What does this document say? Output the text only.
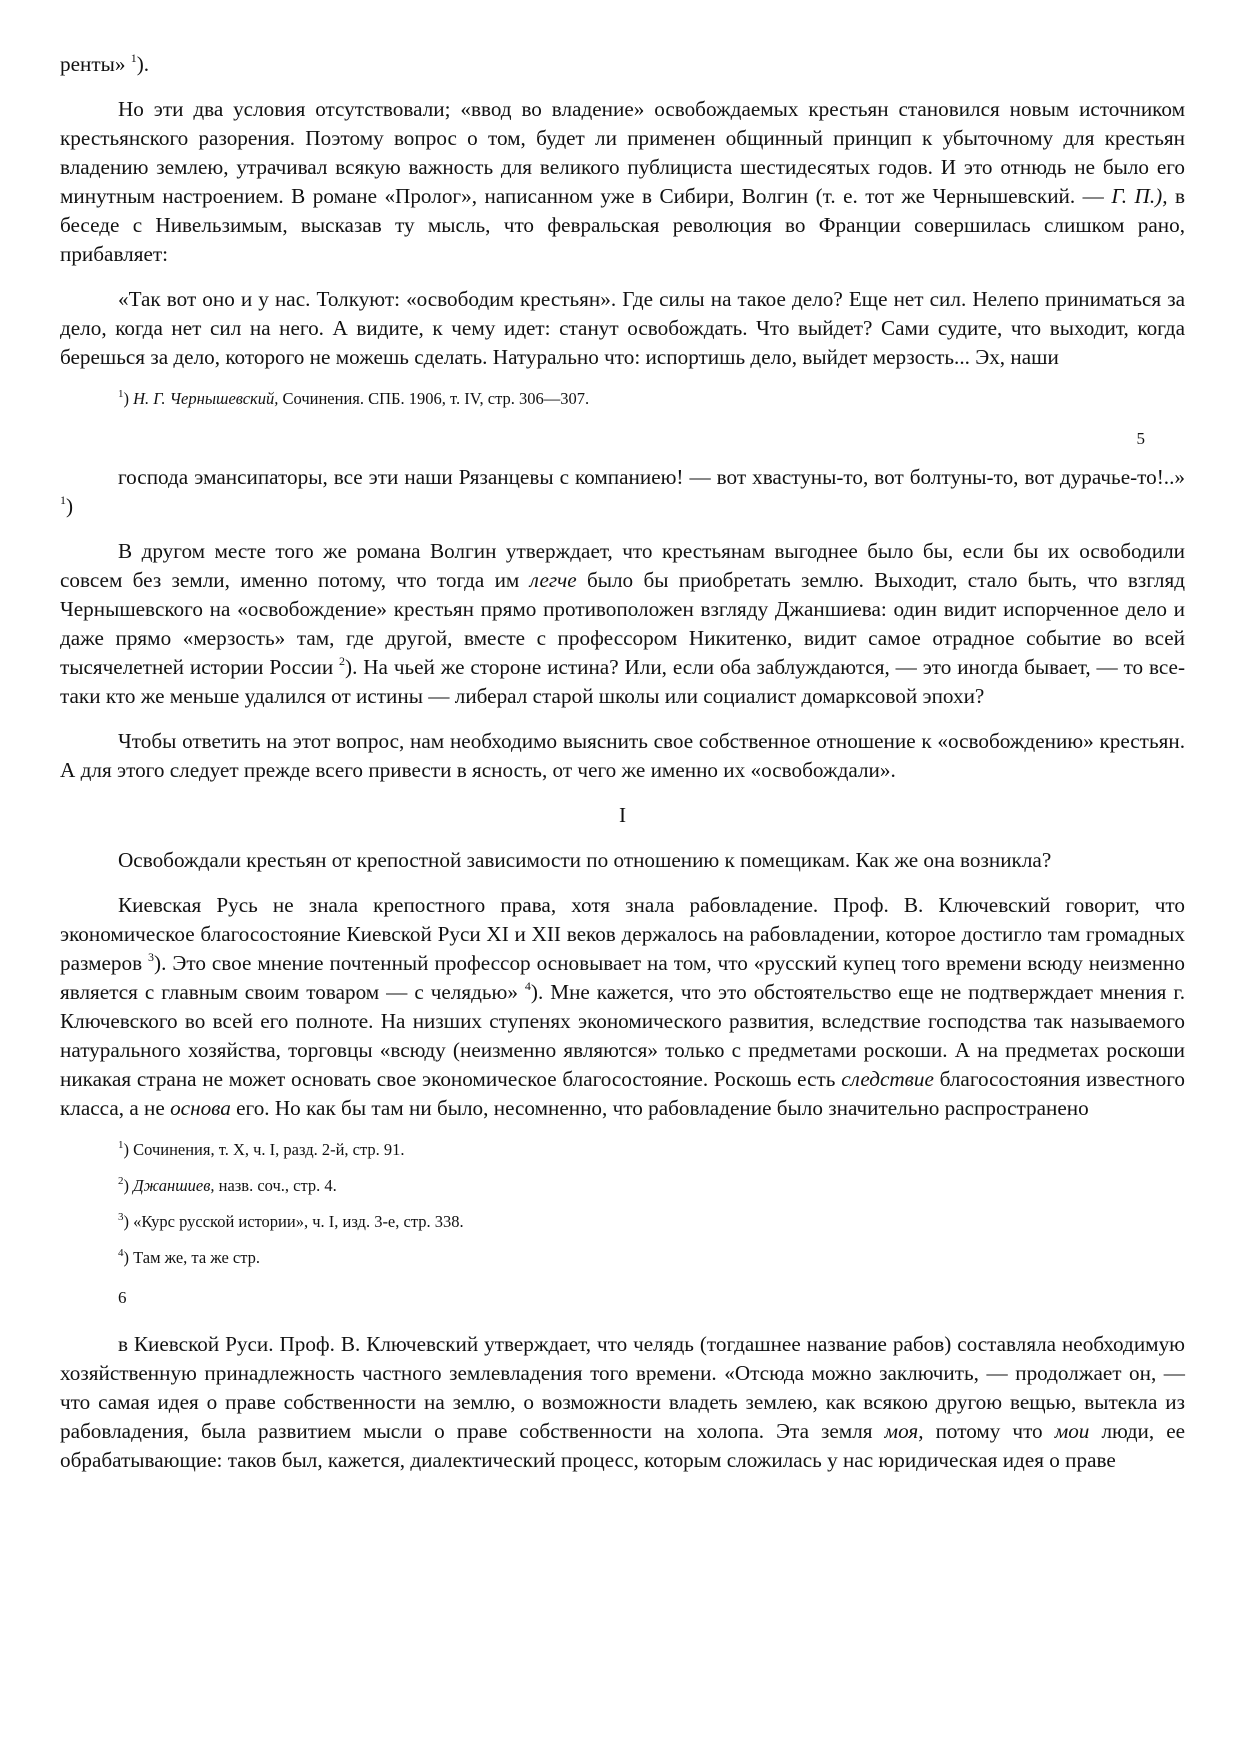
ренты» $^1$).

Но эти два условия отсутствовали; «ввод во владение» освобождаемых крестьян становился новым источником крестьянского разорения. Поэтому вопрос о том, будет ли применен общинный принцип к убыточному для крестьян владению землею, утрачивал всякую важность для великого публициста шестидесятых годов. И это отнюдь не было его минутным настроением. В романе «Пролог», написанном уже в Сибири, Волгин (т. е. тот же Чернышевский. — Г. П.), в беседе с Нивельзимым, высказав ту мысль, что февральская революция во Франции совершилась слишком рано, прибавляет:

«Так вот оно и у нас. Толкуют: «освободим крестьян». Где силы на такое дело? Еще нет сил. Нелепо приниматься за дело, когда нет сил на него. А видите, к чему идет: станут освобождать. Что выйдет? Сами судите, что выходит, когда берешься за дело, которого не можешь сделать. Натурально что: испортишь дело, выйдет мерзость... Эх, наши

$^1$) Н. Г. Чернышевский, Сочинения. СПБ. 1906, т. IV, стр. 306—307.
5

господа эмансипаторы, все эти наши Рязанцевы с компаниею! — вот хвастуны-то, вот болтуны-то, вот дурачье-то!..» $^1$)

В другом месте того же романа Волгин утверждает, что крестьянам выгоднее было бы, если бы их освободили совсем без земли, именно потому, что тогда им легче было бы приобретать землю. Выходит, стало быть, что взгляд Чернышевского на «освобождение» крестьян прямо противоположен взгляду Джаншиева: один видит испорченное дело и даже прямо «мерзость» там, где другой, вместе с профессором Никитенко, видит самое отрадное событие во всей тысячелетней истории России $^2$). На чьей же стороне истина? Или, если оба заблуждаются, — это иногда бывает, — то все-таки кто же меньше удалился от истины — либерал старой школы или социалист домарксовой эпохи?

Чтобы ответить на этот вопрос, нам необходимо выяснить свое собственное отношение к «освобождению» крестьян. А для этого следует прежде всего привести в ясность, от чего же именно их «освобождали».

I

Освобождали крестьян от крепостной зависимости по отношению к помещикам. Как же она возникла?

Киевская Русь не знала крепостного права, хотя знала рабовладение. Проф. В. Ключевский говорит, что экономическое благосостояние Киевской Руси XI и XII веков держалось на рабовладении, которое достигло там громадных размеров $^3$). Это свое мнение почтенный профессор основывает на том, что «русский купец того времени всюду неизменно является с главным своим товаром — с челядью» $^4$). Мне кажется, что это обстоятельство еще не подтверждает мнения г. Ключевского во всей его полноте. На низших ступенях экономического развития, вследствие господства так называемого натурального хозяйства, торговцы «всюду (неизменно являются» только с предметами роскоши. А на предметах роскоши никакая страна не может основать свое экономическое благосостояние. Роскошь есть следствие благосостояния известного класса, а не основа его. Но как бы там ни было, несомненно, что рабовладение было значительно распространено

$^1$) Сочинения, т. X, ч. I, разд. 2-й, стр. 91.
$^2$) Джаншиев, назв. соч., стр. 4.
$^3$) «Курс русской истории», ч. I, изд. 3-е, стр. 338.
$^4$) Там же, та же стр.
6

в Киевской Руси. Проф. В. Ключевский утверждает, что челядь (тогдашнее название рабов) составляла необходимую хозяйственную принадлежность частного землевладения того времени. «Отсюда можно заключить, — продолжает он, — что самая идея о праве собственности на землю, о возможности владеть землею, как всякою другою вещью, вытекла из рабовладения, была развитием мысли о праве собственности на холопа. Эта земля моя, потому что мои люди, ее обрабатывающие: таков был, кажется, диалектический процесс, которым сложилась у нас юридическая идея о праве
